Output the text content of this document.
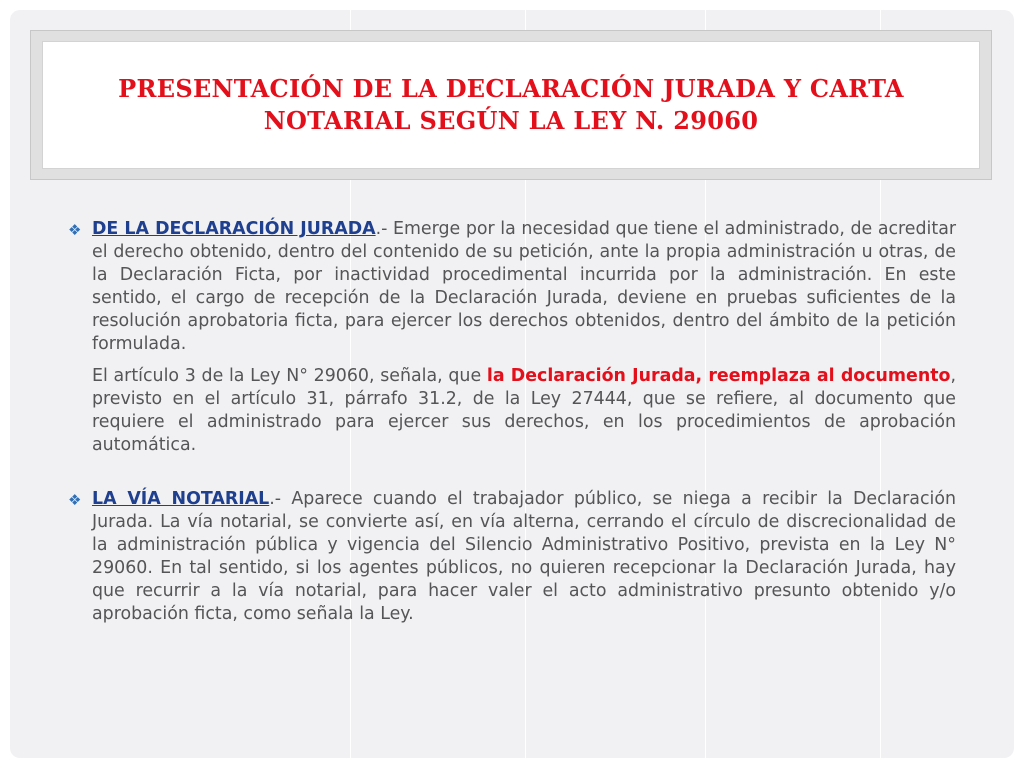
PRESENTACIÓN DE LA DECLARACIÓN JURADA Y CARTA
NOTARIAL SEGÚN LA LEY N. 29060
❖ DE LA DECLARACIÓN JURADA.- Emerge por la necesidad que tiene el administrado, de acreditar el derecho obtenido, dentro del contenido de su petición, ante la propia administración u otras, de la Declaración Ficta, por inactividad procedimental incurrida por la administración. En este sentido, el cargo de recepción de la Declaración Jurada, deviene en pruebas suficientes de la resolución aprobatoria ficta, para ejercer los derechos obtenidos, dentro del ámbito de la petición formulada.

El artículo 3 de la Ley N° 29060, señala, que la Declaración Jurada, reemplaza al documento, previsto en el artículo 31, párrafo 31.2, de la Ley 27444, que se refiere, al documento que requiere el administrado para ejercer sus derechos, en los procedimientos de aprobación automática.

❖ LA VÍA NOTARIAL.- Aparece cuando el trabajador público, se niega a recibir la Declaración Jurada. La vía notarial, se convierte así, en vía alterna, cerrando el círculo de discrecionalidad de la administración pública y vigencia del Silencio Administrativo Positivo, prevista en la Ley N° 29060. En tal sentido, si los agentes públicos, no quieren recepcionar la Declaración Jurada, hay que recurrir a la vía notarial, para hacer valer el acto administrativo presunto obtenido y/o aprobación ficta, como señala la Ley.
